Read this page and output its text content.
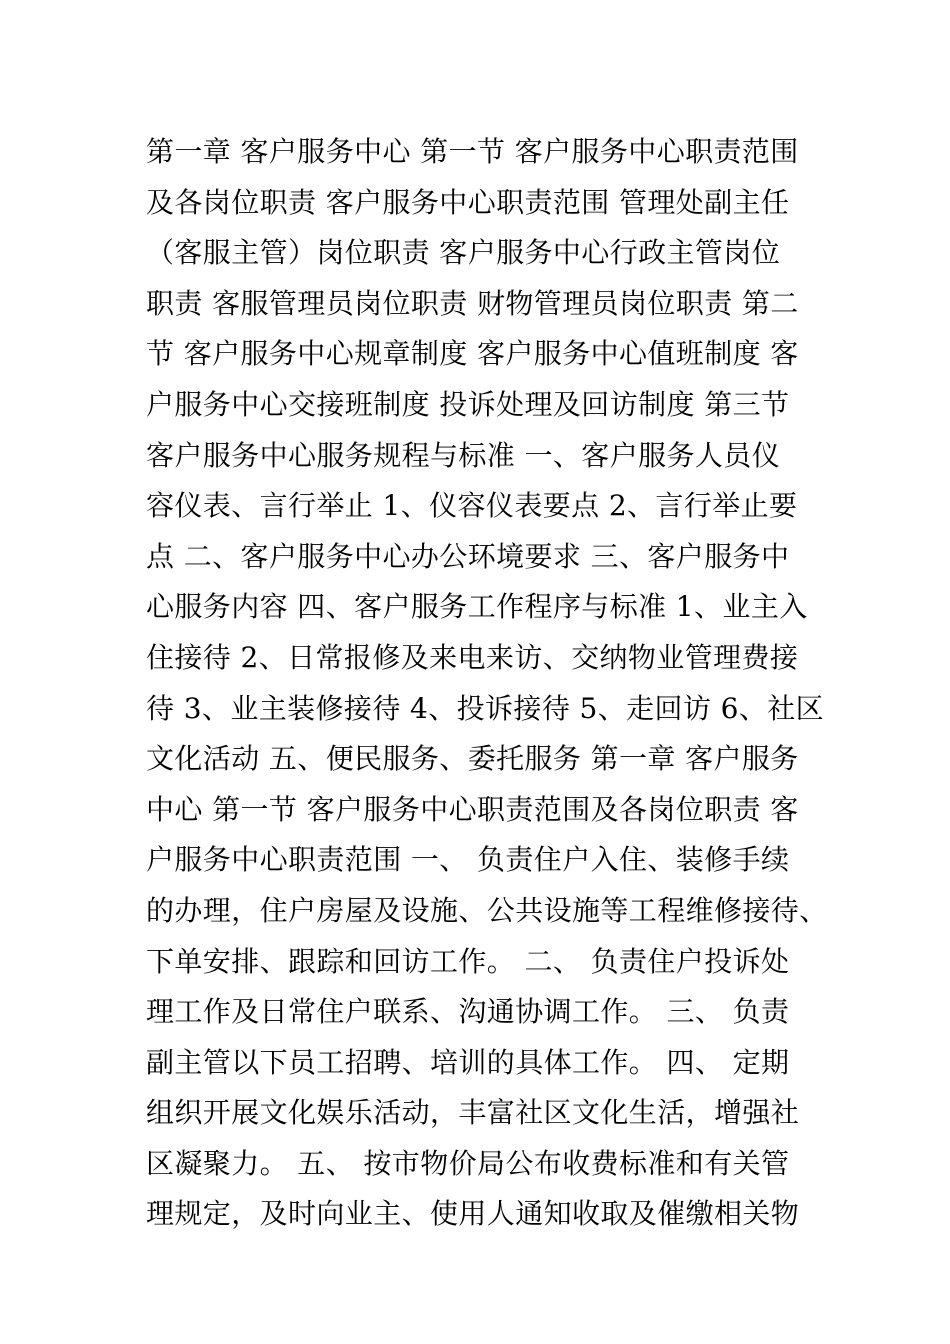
第一章 客户服务中心 第一节 客户服务中心职责范围
及各岗位职责 客户服务中心职责范围 管理处副主任
（客服主管）岗位职责 客户服务中心行政主管岗位
职责 客服管理员岗位职责 财物管理员岗位职责 第二
节 客户服务中心规章制度 客户服务中心值班制度 客
户服务中心交接班制度 投诉处理及回访制度 第三节
客户服务中心服务规程与标准 一、客户服务人员仪
容仪表、言行举止 1、仪容仪表要点 2、言行举止要
点 二、客户服务中心办公环境要求 三、客户服务中
心服务内容 四、客户服务工作程序与标准 1、业主入
住接待 2、日常报修及来电来访、交纳物业管理费接
待 3、业主装修接待 4、投诉接待 5、走回访 6、社区
文化活动 五、便民服务、委托服务 第一章 客户服务
中心 第一节 客户服务中心职责范围及各岗位职责 客
户服务中心职责范围 一、 负责住户入住、装修手续
的办理，住户房屋及设施、公共设施等工程维修接待、
下单安排、跟踪和回访工作。 二、 负责住户投诉处
理工作及日常住户联系、沟通协调工作。 三、 负责
副主管以下员工招聘、培训的具体工作。 四、 定期
组织开展文化娱乐活动，丰富社区文化生活，增强社
区凝聚力。 五、 按市物价局公布收费标准和有关管
理规定，及时向业主、使用人通知收取及催缴相关物
